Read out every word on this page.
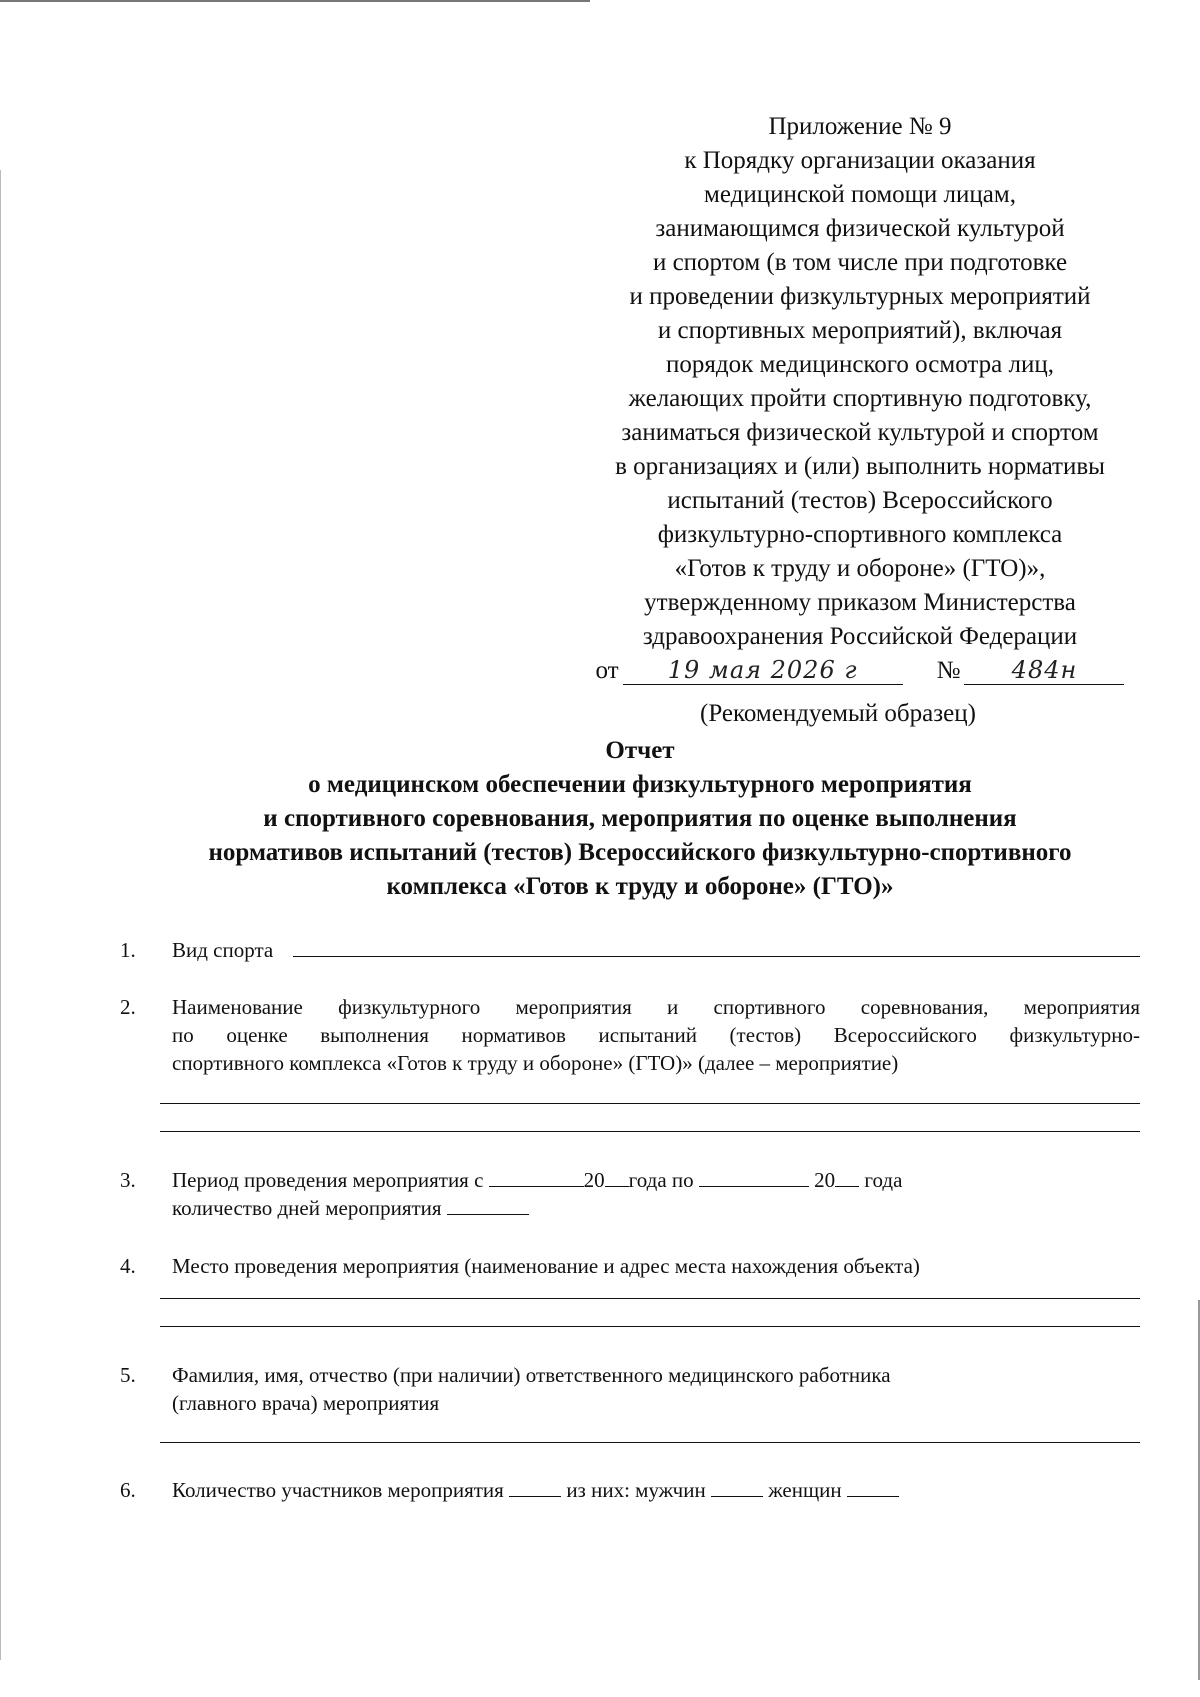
Приложение № 9
к Порядку организации оказания
медицинской помощи лицам,
занимающимся физической культурой
и спортом (в том числе при подготовке
и проведении физкультурных мероприятий
и спортивных мероприятий), включая
порядок медицинского осмотра лиц,
желающих пройти спортивную подготовку,
заниматься физической культурой и спортом
в организациях и (или) выполнить нормативы
испытаний (тестов) Всероссийского
физкультурно-спортивного комплекса
«Готов к труду и обороне» (ГТО)»,
утвержденному приказом Министерства
здравоохранения Российской Федерации
от	19 мая 2026 г	№	484н
(Рекомендуемый образец)
Отчет
о медицинском обеспечении физкультурного мероприятия
и спортивного соревнования, мероприятия по оценке выполнения
нормативов испытаний (тестов) Всероссийского физкультурно-спортивного
комплекса «Готов к труду и обороне» (ГТО)»
1.	Вид спорта
2.	Наименование физкультурного мероприятия и спортивного соревнования, мероприятия
по оценке выполнения нормативов испытаний (тестов) Всероссийского физкультурно-
спортивного комплекса «Готов к труду и обороне» (ГТО)» (далее – мероприятие)
3.	Период проведения мероприятия с	20 года по	20 года
количество дней мероприятия
4.	Место проведения мероприятия (наименование и адрес места нахождения объекта)
5.	Фамилия, имя, отчество (при наличии) ответственного медицинского работника
(главного врача) мероприятия
6.	Количество участников мероприятия	из них: мужчин	женщин
